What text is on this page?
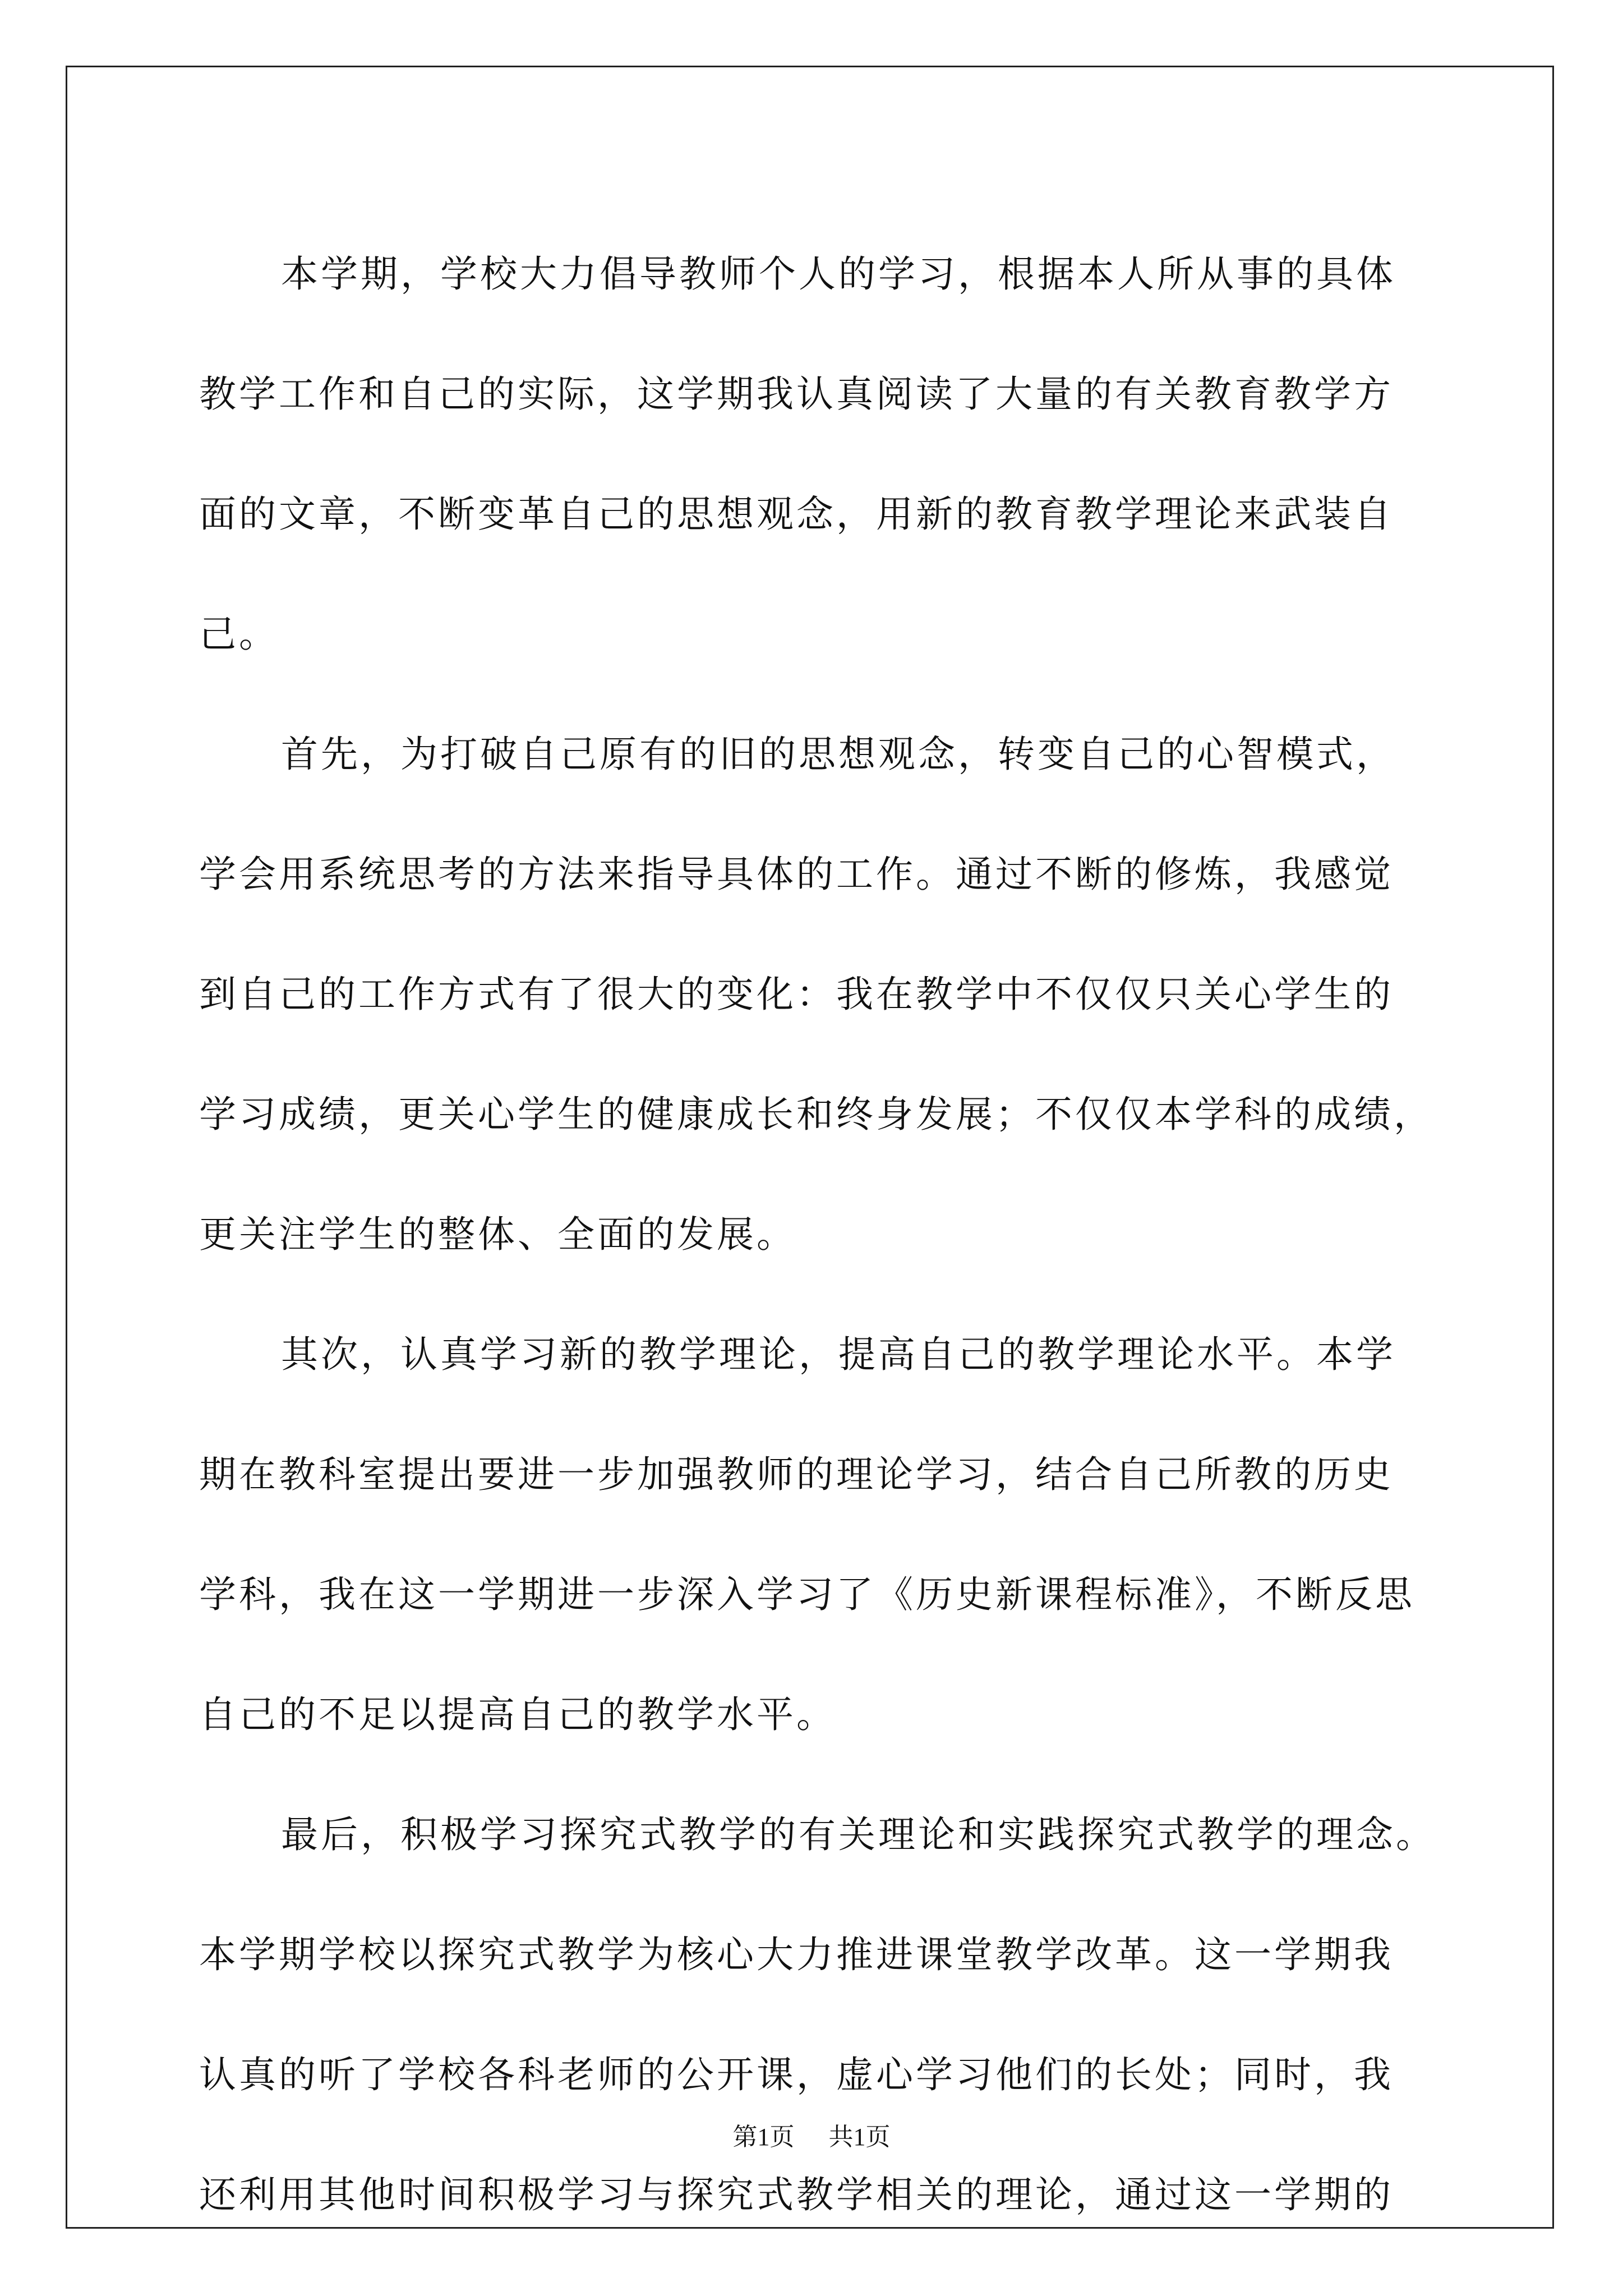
本学期，学校大力倡导教师个人的学习，根据本人所从事的具体
教学工作和自己的实际，这学期我认真阅读了大量的有关教育教学方
面的文章，不断变革自己的思想观念，用新的教育教学理论来武装自
己。
首先，为打破自己原有的旧的思想观念，转变自己的心智模式，
学会用系统思考的方法来指导具体的工作。通过不断的修炼，我感觉
到自己的工作方式有了很大的变化：我在教学中不仅仅只关心学生的
学习成绩，更关心学生的健康成长和终身发展；不仅仅本学科的成绩，
更关注学生的整体、全面的发展。
其次，认真学习新的教学理论，提高自己的教学理论水平。本学
期在教科室提出要进一步加强教师的理论学习，结合自己所教的历史
学科，我在这一学期进一步深入学习了《历史新课程标准》，不断反思
自己的不足以提高自己的教学水平。
最后，积极学习探究式教学的有关理论和实践探究式教学的理念。
本学期学校以探究式教学为核心大力推进课堂教学改革。这一学期我
认真的听了学校各科老师的公开课，虚心学习他们的长处；同时，我
还利用其他时间积极学习与探究式教学相关的理论，通过这一学期的
第1页 共1页
